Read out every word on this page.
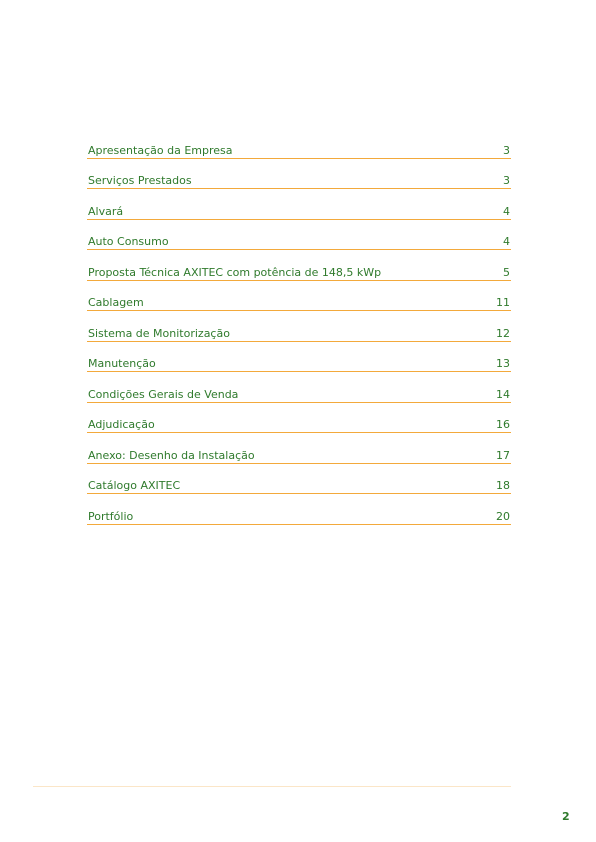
Apresentação da Empresa	3
Serviços Prestados	3
Alvará	4
Auto Consumo	4
Proposta Técnica AXITEC com potência de 148,5 kWp	5
Cablagem	11
Sistema de Monitorização	12
Manutenção	13
Condições Gerais de Venda	14
Adjudicação	16
Anexo: Desenho da Instalação	17
Catálogo AXITEC	18
Portfólio	20
2
